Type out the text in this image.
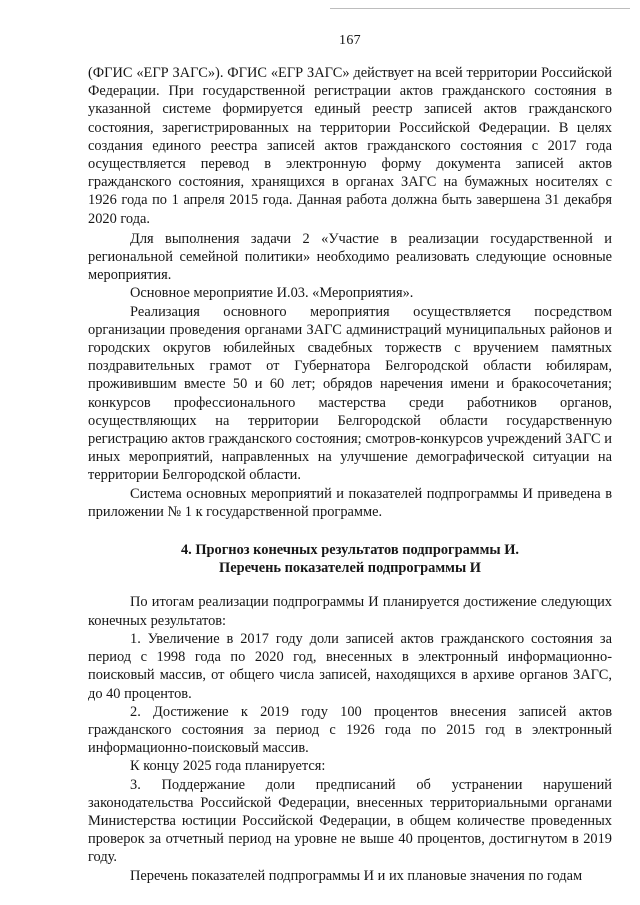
167

(ФГИС «ЕГР ЗАГС»). ФГИС «ЕГР ЗАГС» действует на всей территории Российской Федерации. При государственной регистрации актов гражданского состояния в указанной системе формируется единый реестр записей актов гражданского состояния, зарегистрированных на территории Российской Федерации. В целях создания единого реестра записей актов гражданского состояния с 2017 года осуществляется перевод в электронную форму документа записей актов гражданского состояния, хранящихся в органах ЗАГС на бумажных носителях с 1926 года по 1 апреля 2015 года. Данная работа должна быть завершена 31 декабря 2020 года.

Для выполнения задачи 2 «Участие в реализации государственной и региональной семейной политики» необходимо реализовать следующие основные мероприятия.

Основное мероприятие И.03. «Мероприятия».

Реализация основного мероприятия осуществляется посредством организации проведения органами ЗАГС администраций муниципальных районов и городских округов юбилейных свадебных торжеств с вручением памятных поздравительных грамот от Губернатора Белгородской области юбилярам, проживившим вместе 50 и 60 лет; обрядов наречения имени и бракосочетания; конкурсов профессионального мастерства среди работников органов, осуществляющих на территории Белгородской области государственную регистрацию актов гражданского состояния; смотров-конкурсов учреждений ЗАГС и иных мероприятий, направленных на улучшение демографической ситуации на территории Белгородской области.

Система основных мероприятий и показателей подпрограммы И приведена в приложении № 1 к государственной программе.

4. Прогноз конечных результатов подпрограммы И.
Перечень показателей подпрограммы И

По итогам реализации подпрограммы И планируется достижение следующих конечных результатов:

1. Увеличение в 2017 году доли записей актов гражданского состояния за период с 1998 года по 2020 год, внесенных в электронный информационно-поисковый массив, от общего числа записей, находящихся в архиве органов ЗАГС, до 40 процентов.

2. Достижение к 2019 году 100 процентов внесения записей актов гражданского состояния за период с 1926 года по 2015 год в электронный информационно-поисковый массив.

К концу 2025 года планируется:

3. Поддержание доли предписаний об устранении нарушений законодательства Российской Федерации, внесенных территориальными органами Министерства юстиции Российской Федерации, в общем количестве проведенных проверок за отчетный период на уровне не выше 40 процентов, достигнутом в 2019 году.

Перечень показателей подпрограммы И и их плановые значения по годам
